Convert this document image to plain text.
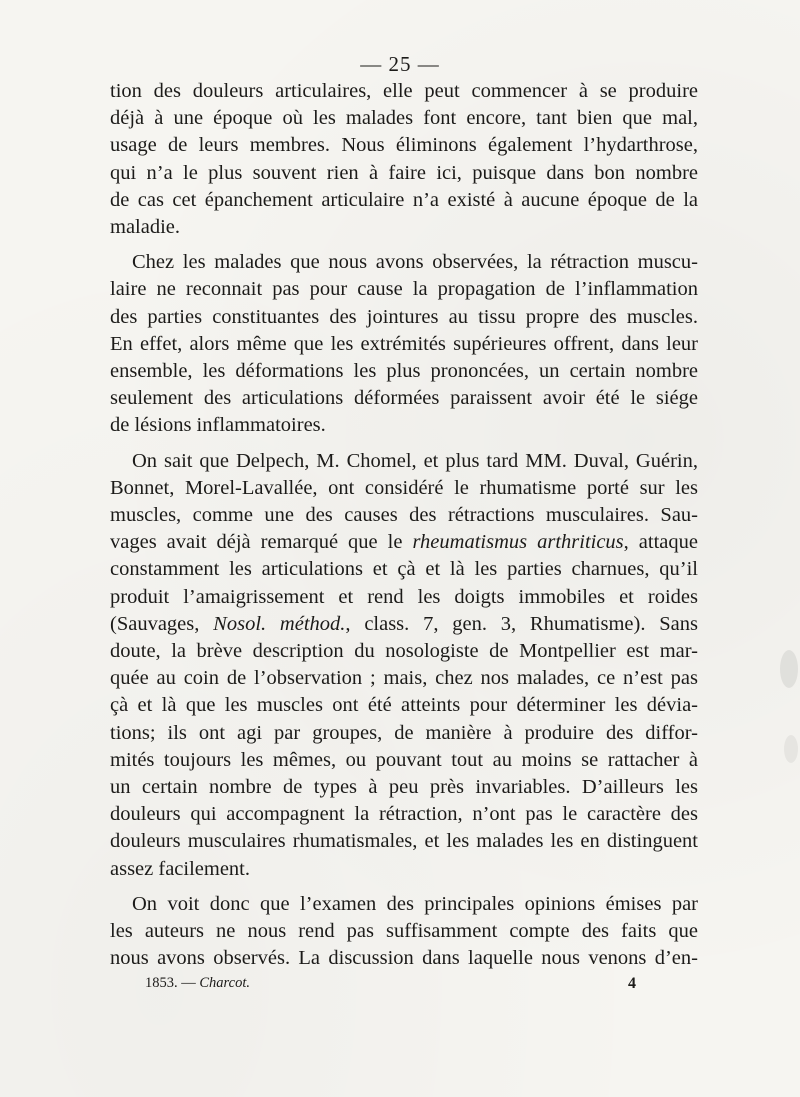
— 25 —
tion des douleurs articulaires, elle peut commencer à se produire
déjà à une époque où les malades font encore, tant bien que mal,
usage de leurs membres. Nous éliminons également l’hydarthrose,
qui n’a le plus souvent rien à faire ici, puisque dans bon nombre
de cas cet épanchement articulaire n’a existé à aucune époque de la
maladie.
Chez les malades que nous avons observées, la rétraction muscu-
laire ne reconnait pas pour cause la propagation de l’inflammation
des parties constituantes des jointures au tissu propre des muscles.
En effet, alors même que les extrémités supérieures offrent, dans leur
ensemble, les déformations les plus prononcées, un certain nombre
seulement des articulations déformées paraissent avoir été le siége
de lésions inflammatoires.
On sait que Delpech, M. Chomel, et plus tard MM. Duval, Guérin,
Bonnet, Morel-Lavallée, ont considéré le rhumatisme porté sur les
muscles, comme une des causes des rétractions musculaires. Sau-
vages avait déjà remarqué que le rheumatismus arthriticus, attaque
constamment les articulations et çà et là les parties charnues, qu’il
produit l’amaigrissement et rend les doigts immobiles et roides
(Sauvages, Nosol. méthod., class. 7, gen. 3, Rhumatisme). Sans
doute, la brève description du nosologiste de Montpellier est mar-
quée au coin de l’observation ; mais, chez nos malades, ce n’est pas
çà et là que les muscles ont été atteints pour déterminer les dévia-
tions; ils ont agi par groupes, de manière à produire des diffor-
mités toujours les mêmes, ou pouvant tout au moins se rattacher à
un certain nombre de types à peu près invariables. D’ailleurs les
douleurs qui accompagnent la rétraction, n’ont pas le caractère des
douleurs musculaires rhumatismales, et les malades les en distinguent
assez facilement.
On voit donc que l’examen des principales opinions émises par
les auteurs ne nous rend pas suffisamment compte des faits que
nous avons observés. La discussion dans laquelle nous venons d’en-
1853. — Charcot.	4
